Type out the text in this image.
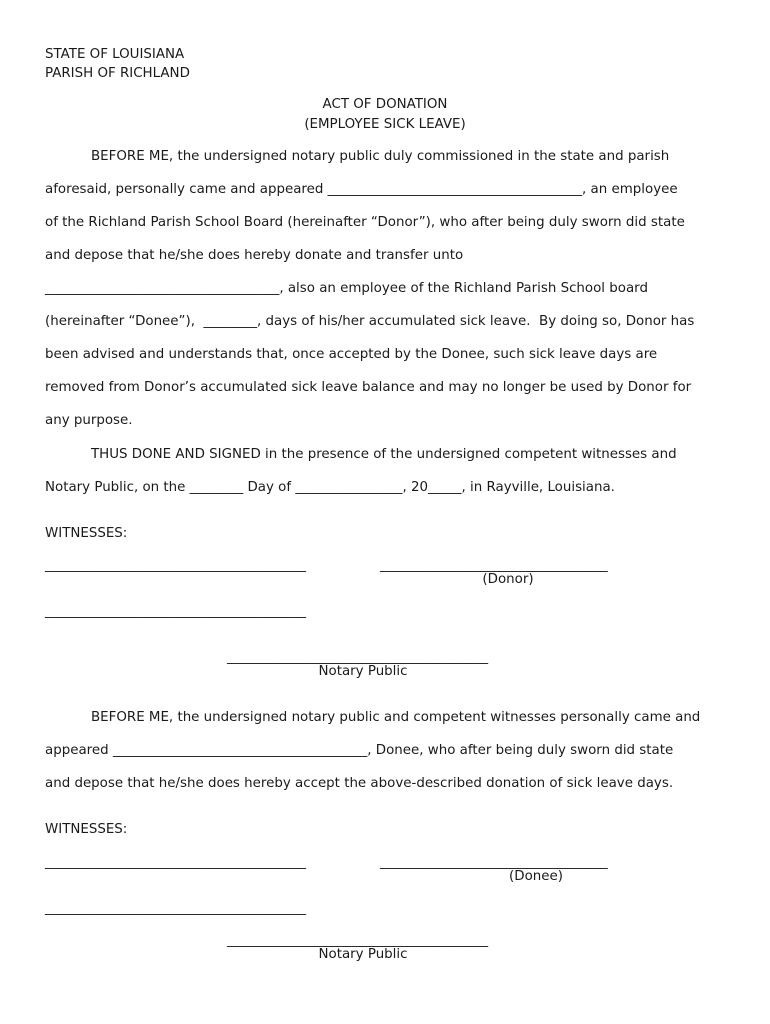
STATE OF LOUISIANA
PARISH OF RICHLAND
ACT OF DONATION
(EMPLOYEE SICK LEAVE)
BEFORE ME, the undersigned notary public duly commissioned in the state and parish
aforesaid, personally came and appeared ______________________________________, an employee
of the Richland Parish School Board (hereinafter “Donor”), who after being duly sworn did state
and depose that he/she does hereby donate and transfer unto
___________________________________, also an employee of the Richland Parish School board
(hereinafter “Donee”),  ________, days of his/her accumulated sick leave.  By doing so, Donor has
been advised and understands that, once accepted by the Donee, such sick leave days are
removed from Donor’s accumulated sick leave balance and may no longer be used by Donor for
any purpose.
THUS DONE AND SIGNED in the presence of the undersigned competent witnesses and
Notary Public, on the ________ Day of ________________, 20_____, in Rayville, Louisiana.
WITNESSES:
_______________________________________	__________________________________
(Donor)
_______________________________________
_______________________________________
Notary Public
BEFORE ME, the undersigned notary public and competent witnesses personally came and
appeared ______________________________________, Donee, who after being duly sworn did state
and depose that he/she does hereby accept the above-described donation of sick leave days.
WITNESSES:
_______________________________________	__________________________________
(Donee)
_______________________________________
_______________________________________
Notary Public
